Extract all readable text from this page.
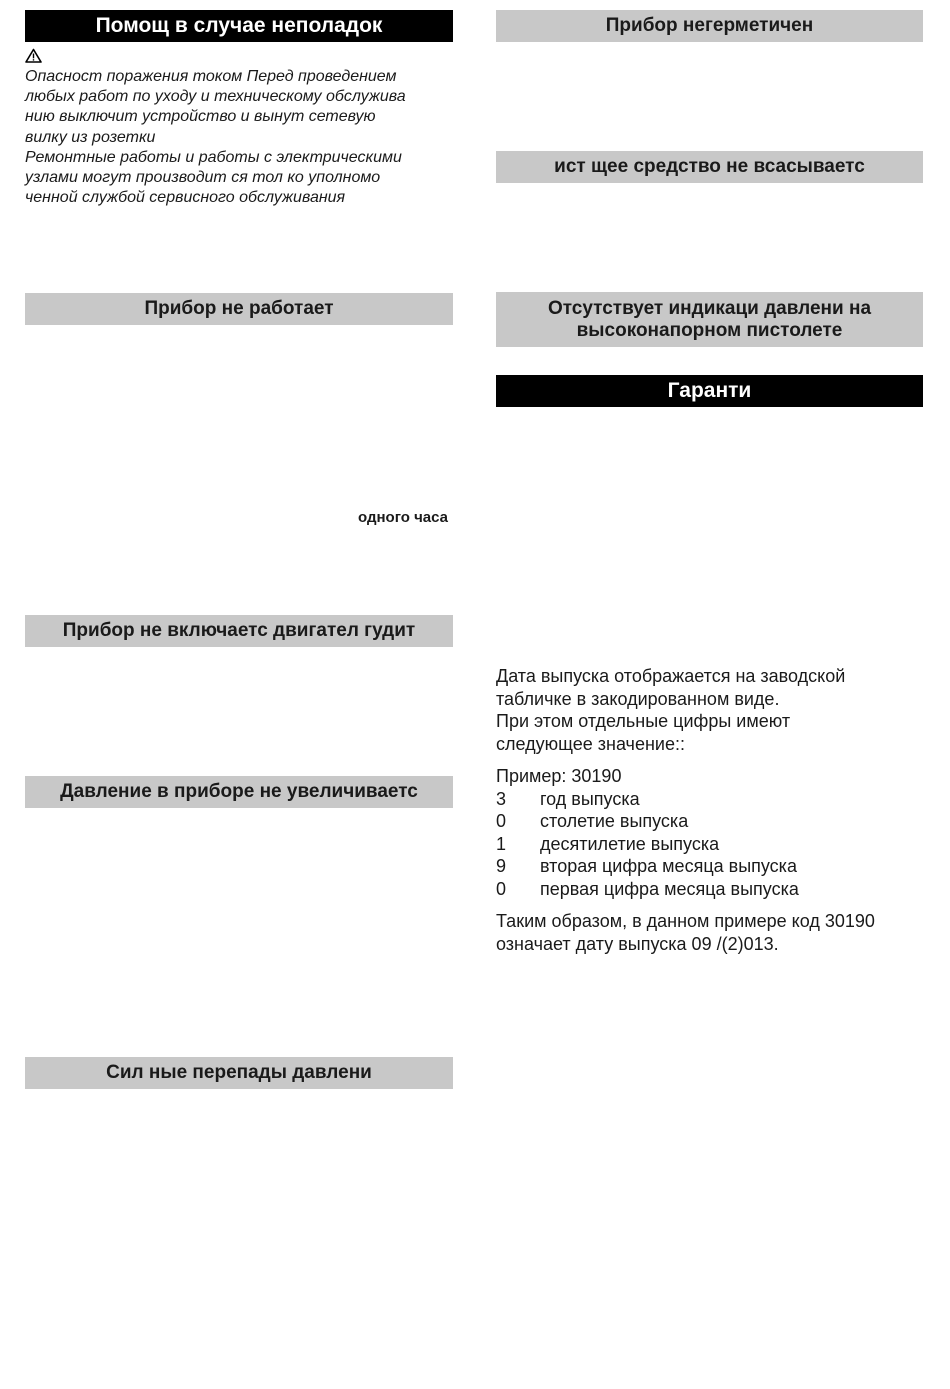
Помощ в случае неполадок
Опасност поражения током Перед проведением
любых работ по уходу и техническому обслужива
нию выключит устройство и вынут сетевую
вилку из розетки
Ремонтные работы и работы с электрическими
узлами могут производит ся тол ко уполномо
ченной службой сервисного обслуживания
Прибор не работает
одного часа
Прибор не включаетс двигател гудит
Давление в приборе не увеличиваетс
Сил ные перепады давлени
Прибор негерметичен
ист щее средство не всасываетс
Отсутствует индикаци давлени на
высоконапорном пистолете
Гаранти
Дата выпуска отображается на заводской
табличке в закодированном виде.
При этом отдельные цифры имеют
следующее значение::
Пример: 30190
3	год выпуска
0	столетие выпуска
1	десятилетие выпуска
9	вторая цифра месяца выпуска
0	первая цифра месяца выпуска
Таким образом, в данном примере код 30190
означает дату выпуска 09 /(2)013.
